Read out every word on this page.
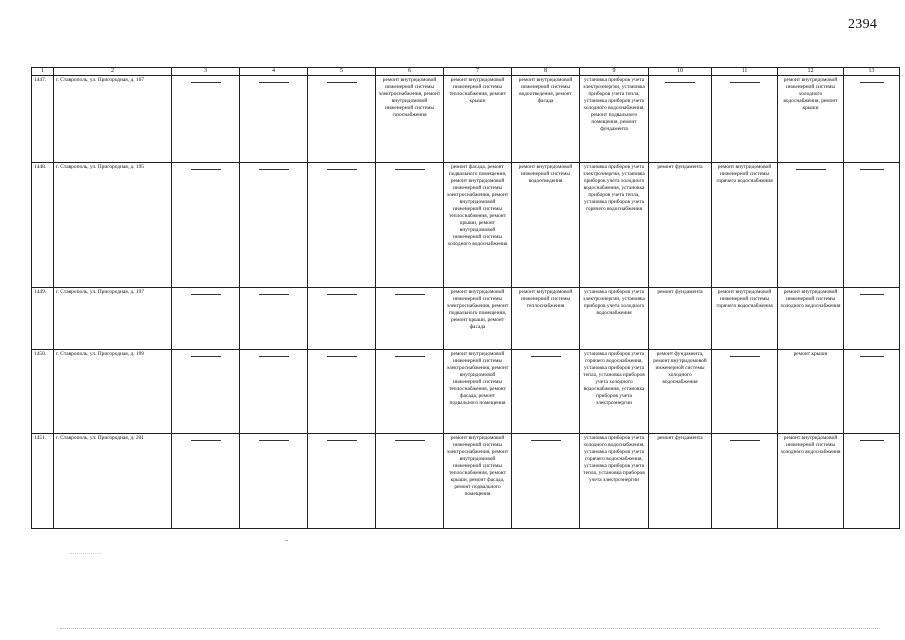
2394
1	2	3	4	5	6	7	8	9	10	11	12	13
1447.	г. Ставрополь, ул. Пригородная, д. 167				ремонт внутридомовой инженерной системы электроснабжения, ремонт внутридомовой инженерной системы газоснабжения	ремонт внутридомовой инженерной системы теплоснабжения, ремонт крыши	ремонт внутридомовой инженерной системы водоотведения, ремонт фасада	установка приборов учета электроэнергии, установка приборов учета тепла, установка приборов учета холодного водоснабжения, ремонт подвального помещения, ремонт фундамента			ремонт внутридомовой инженерной системы холодного водоснабжения, ремонт крыши	

1448.	г. Ставрополь, ул. Пригородная, д. 195					ремонт фасада, ремонт подвального помещения, ремонт внутридомовой инженерной системы электроснабжения, ремонт внутридомовой инженерной системы теплоснабжения, ремонт крыши, ремонт внутридомовой инженерной системы холодного водоснабжения	ремонт внутридомовой инженерной системы водоотведения	установка приборов учета электроэнергии, установка приборов учета холодного водоснабжения, установка приборов учета тепла, установка приборов учета горячего водоснабжения	ремонт фундамента	ремонт внутридомовой инженерной системы горячего водоснабжения	

1449.	г. Ставрополь, ул. Пригородная, д. 197					ремонт внутридомовой инженерной системы электроснабжения, ремонт подвального помещения, ремонт крыши, ремонт фасада	ремонт внутридомовой инженерной системы теплоснабжения	установка приборов учета электроэнергии, установка приборов учета холодного водоснабжения	ремонт фундамента	ремонт внутридомовой инженерной системы горячего водоснабжения	ремонт внутридомовой инженерной системы холодного водоснабжения	

1450.	г. Ставрополь, ул. Пригородная, д. 199					ремонт внутридомовой инженерной системы электроснабжения, ремонт внутридомовой инженерной системы теплоснабжения, ремонт фасада, ремонт подвального помещения		установка приборов учета горячего водоснабжения, установка приборов учета тепла, установка приборов учета холодного водоснабжения, установка приборов учета электроэнергии	ремонт фундамента, ремонт внутридомовой инженерной системы холодного водоснабжения		ремонт крыши	

1451.	г. Ставрополь, ул. Пригородная, д. 201					ремонт внутридомовой инженерной системы электроснабжения, ремонт внутридомовой инженерной системы теплоснабжения, ремонт крыши, ремонт фасада, ремонт подвального помещения		установка приборов учета холодного водоснабжения, установка приборов учета горячего водоснабжения, установка приборов учета тепла, установка приборов учета электроэнергии	ремонт фундамента		ремонт внутридомовой инженерной системы холодного водоснабжения	
